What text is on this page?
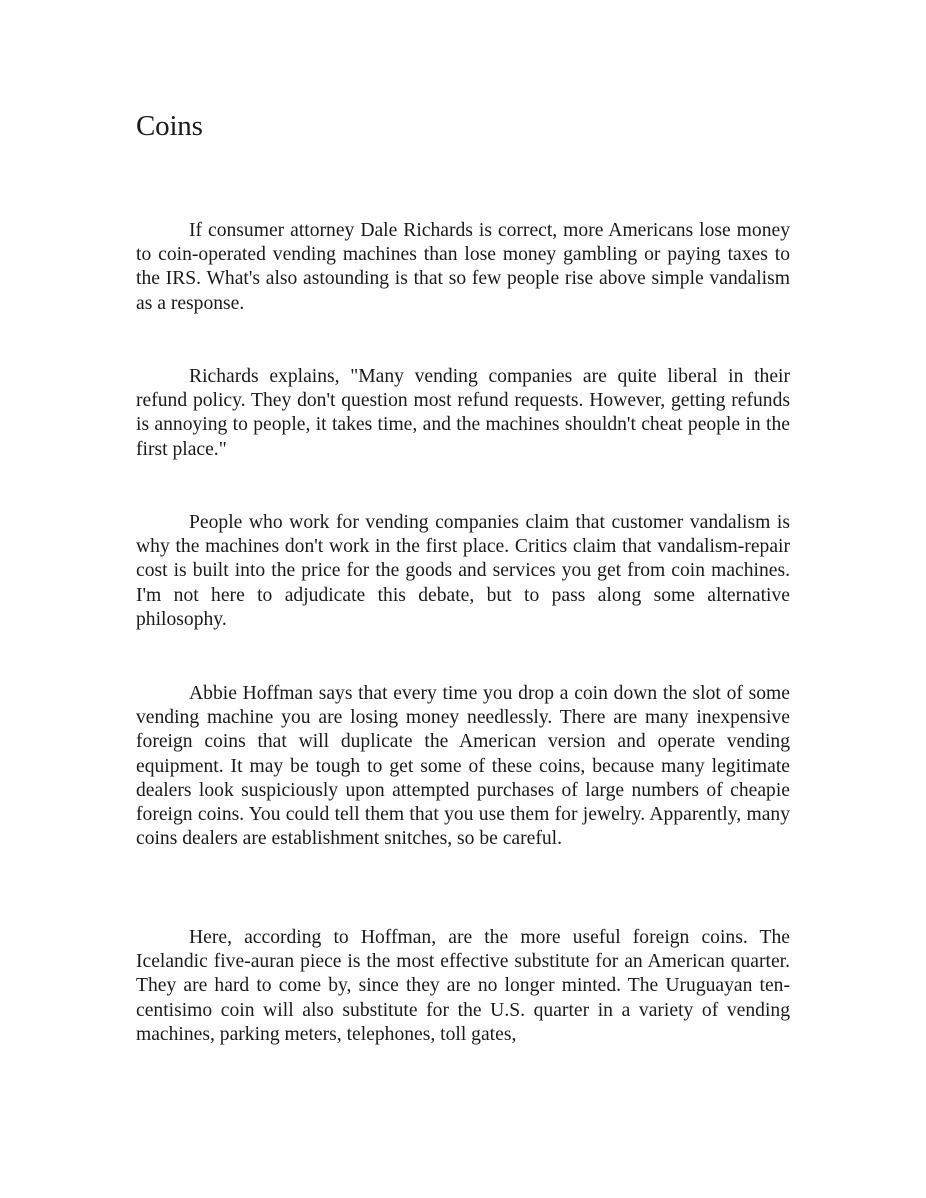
Coins

If consumer attorney Dale Richards is correct, more Americans lose money to coin-operated vending machines than lose money gambling or paying taxes to the IRS. What's also astounding is that so few people rise above simple vandalism as a response.

Richards explains, "Many vending companies are quite liberal in their refund policy. They don't question most refund requests. However, getting refunds is annoying to people, it takes time, and the machines shouldn't cheat people in the first place."

People who work for vending companies claim that customer vandalism is why the machines don't work in the first place. Critics claim that vandalism-repair cost is built into the price for the goods and services you get from coin machines. I'm not here to adjudicate this debate, but to pass along some alternative philosophy.

Abbie Hoffman says that every time you drop a coin down the slot of some vending machine you are losing money needlessly. There are many inexpensive foreign coins that will duplicate the American version and operate vending equipment. It may be tough to get some of these coins, because many legitimate dealers look suspiciously upon attempted purchases of large numbers of cheapie foreign coins. You could tell them that you use them for jewelry. Apparently, many coins dealers are establishment snitches, so be careful.

Here, according to Hoffman, are the more useful foreign coins. The Icelandic five-auran piece is the most effective substitute for an American quarter. They are hard to come by, since they are no longer minted. The Uruguayan ten-centisimo coin will also substitute for the U.S. quarter in a variety of vending machines, parking meters, telephones, toll gates,
